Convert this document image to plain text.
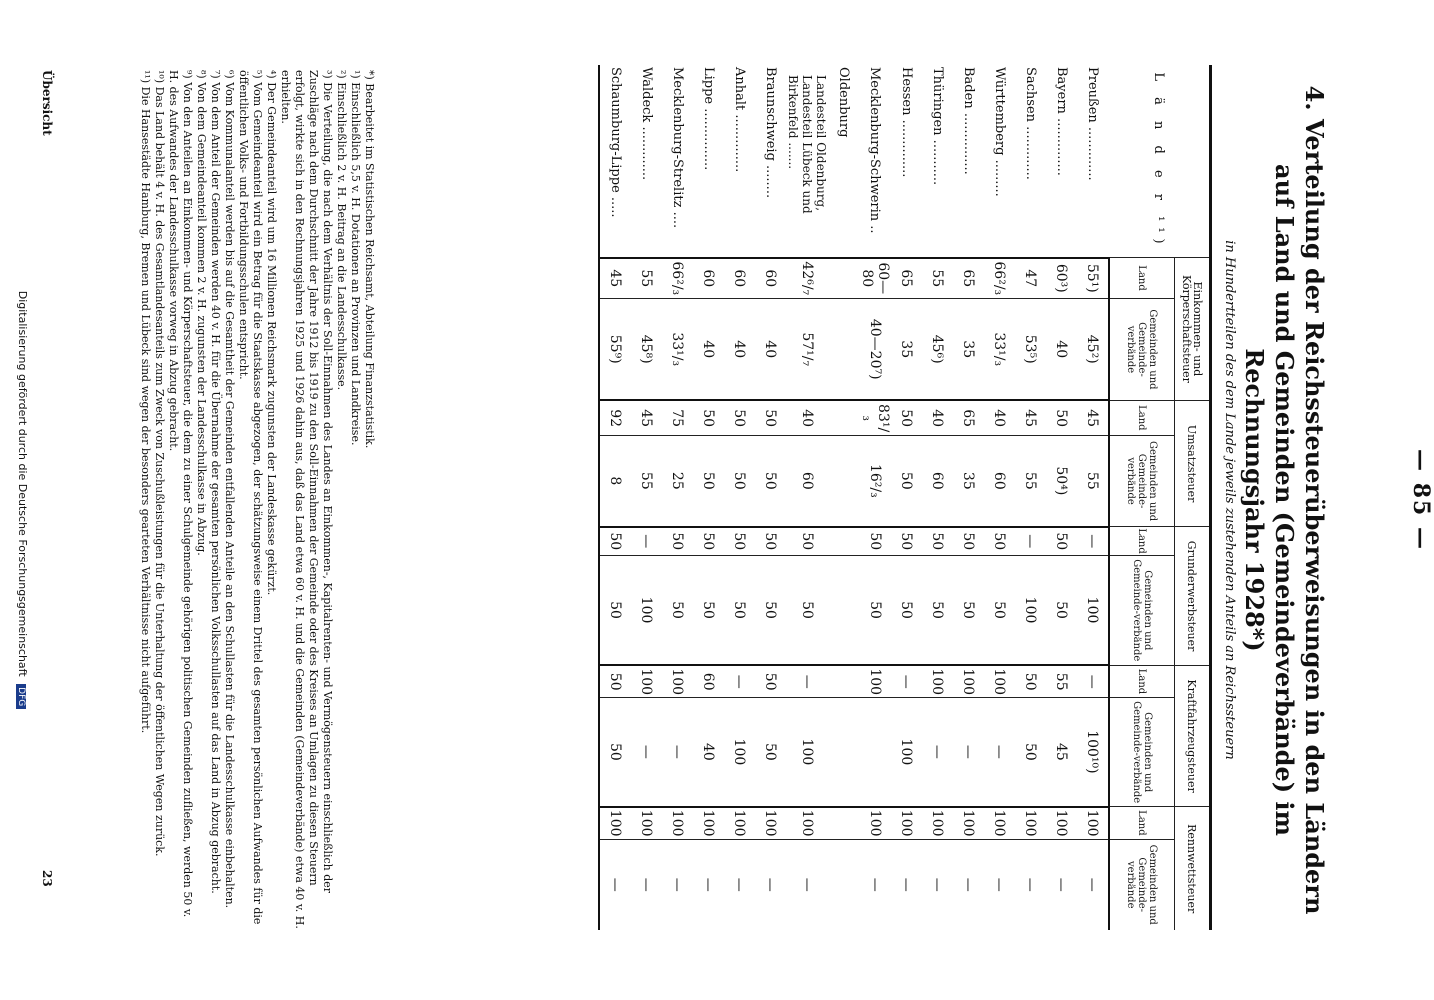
— 85 —
4. Verteilung der Reichssteuerüberweisungen in den Ländern auf Land und Gemeinden (Gemeindeverbände) im Rechnungsjahr 1928*)
in Hundertteilen des dem Lande jeweils zustehenden Anteils an Reichssteuern
L ä n d e r ¹¹)	Einkommen- und Körperschaftsteuer		Umsatzsteuer		Grunderwerbsteuer		Kraftfahrzeugsteuer		Rennwettsteuer	
	Land	Gemeinden und Gemeinde-verbände	Land	Gemeinden und Gemeinde-verbände	Land	Gemeinden und Gemeinde-verbände	Land	Gemeinden und Gemeinde-verbände	Land	Gemeinden und Gemeinde-verbände
Preußen .............	55¹)	45²)	45	55	—	100	—	100¹⁰)	100	—
Bayern ..............	60³)	40	50	50⁴)	50	50	55	45	100	—
Sachsen .............	47	53⁵)	45	55	—	100	50	50	100	—
Württemberg .........	66²/₃	33¹/₃	40	60	50	50	100	—	100	—
Baden ...............	65	35	65	35	50	50	100	—	100	—
Thüringen ...........	55	45⁶)	40	60	50	50	100	—	100	—
Hessen ..............	65	35	50	50	50	50	—	100	100	—
Mecklenburg-Schwerin ..	60—80	40—20⁷)	83¹/₃	16²/₃	50	50	100		100	—
Oldenburg										
Landesteil Oldenburg, Landesteil Lübeck und Birkenfeld .......	42⁶/₇	57¹/₇	40	60	50	50	—	100	100	—
Braunschweig ........	60	40	50	50	50	50	50	50	100	—
Anhalt ..............	60	40	50	50	50	50	—	100	100	—
Lippe ...............	60	40	50	50	50	50	60	40	100	—
Mecklenburg-Strelitz ....	66²/₃	33¹/₃	75	25	50	50	100	—	100	—
Waldeck .............	55	45⁸)	45	55	—	100	100	—	100	—
Schaumburg-Lippe .....	45	55⁹)	92	8	50	50	50	50	100	—

*) Bearbeitet im Statistischen Reichsamt, Abteilung Finanzstatistik.

¹) Einschließlich 5,5 v. H. Dotationen an Provinzen und Landkreise.

²) Einschließlich 2 v. H. Beitrag an die Landesschulkasse.

³) Die Verteilung, die nach dem Verhältnis der Soll-Einnahmen des Landes an Einkommen-, Kapitalrenten- und Vermögensteuern einschließlich der Zuschläge nach dem Durchschnitt der Jahre 1912 bis 1919 zu den Soll-Einnahmen der Gemeinde oder des Kreises an Umlagen zu diesen Steuern erfolgt, wirkte sich in den Rechnungsjahren 1925 und 1926 dahin aus, daß das Land etwa 60 v. H. und die Gemeinden (Gemeindeverbände) etwa 40 v. H. erhielten.

⁴) Der Gemeindeanteil wird um 16 Millionen Reichsmark zugunsten der Landeskasse gekürzt.

⁵) Vom Gemeindeanteil wird ein Betrag für die Staatskasse abgezogen, der schätzungsweise einem Drittel des gesamten persönlichen Aufwandes für die öffentlichen Volks- und Fortbildungsschulen entspricht.

⁶) Vom Kommunalanteil werden bis auf die Gesamtheit der Gemeinden entfallenden Anteile an den Schullasten für die Landesschulkasse einbehalten.

⁷) Von dem Anteil der Gemeinden werden 40 v. H. für die Übernahme der gesamten persönlichen Volksschullasten auf das Land in Abzug gebracht.

⁸) Von dem Gemeindeanteil kommen 2 v. H. zugunsten der Landesschulkasse in Abzug.

⁹) Von den Anteilen an Einkommen- und Körperschaftsteuer, die dem zu einer Schulgemeinde gehörigen politischen Gemeinden zufließen, werden 50 v. H. des Aufwandes der Landesschulkasse vorweg in Abzug gebracht.

¹⁰) Das Land behält 4 v. H. des Gesamtlandesanteils zum Zweck von Zuschußleistungen für die Unterhaltung der öffentlichen Wegen zurück.

¹¹) Die Hansestädte Hamburg, Bremen und Lübeck sind wegen der besonders gearteten Verhältnisse nicht aufgeführt.

Übersicht
23
Digitalisierung gefördert durch die Deutsche Forschungsgemeinschaft DFG
